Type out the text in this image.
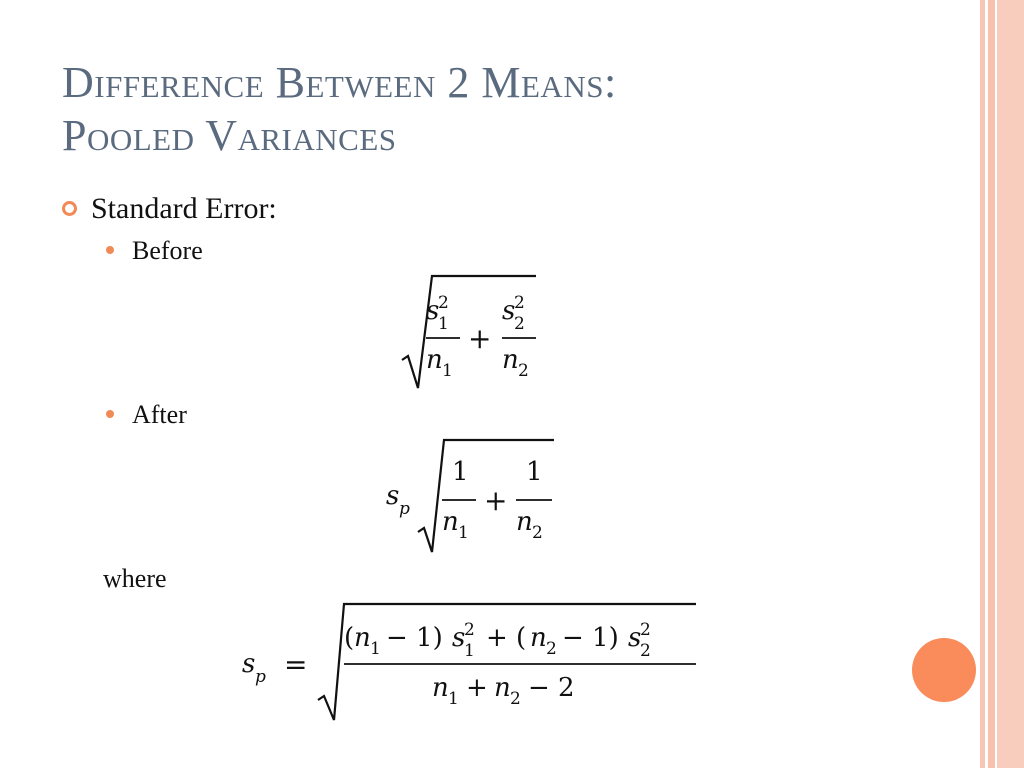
Difference Between 2 Means:
Pooled Variances
Standard Error:
Before
s
1
2
n 1
+
s
2
2
n 2
After
s p
1
n 1
+
1
n 2
where
s p =
( n 1 − 1) s
1
2 + ( n 2 − 1) s
2
2
n 1 + n 2 − 2
